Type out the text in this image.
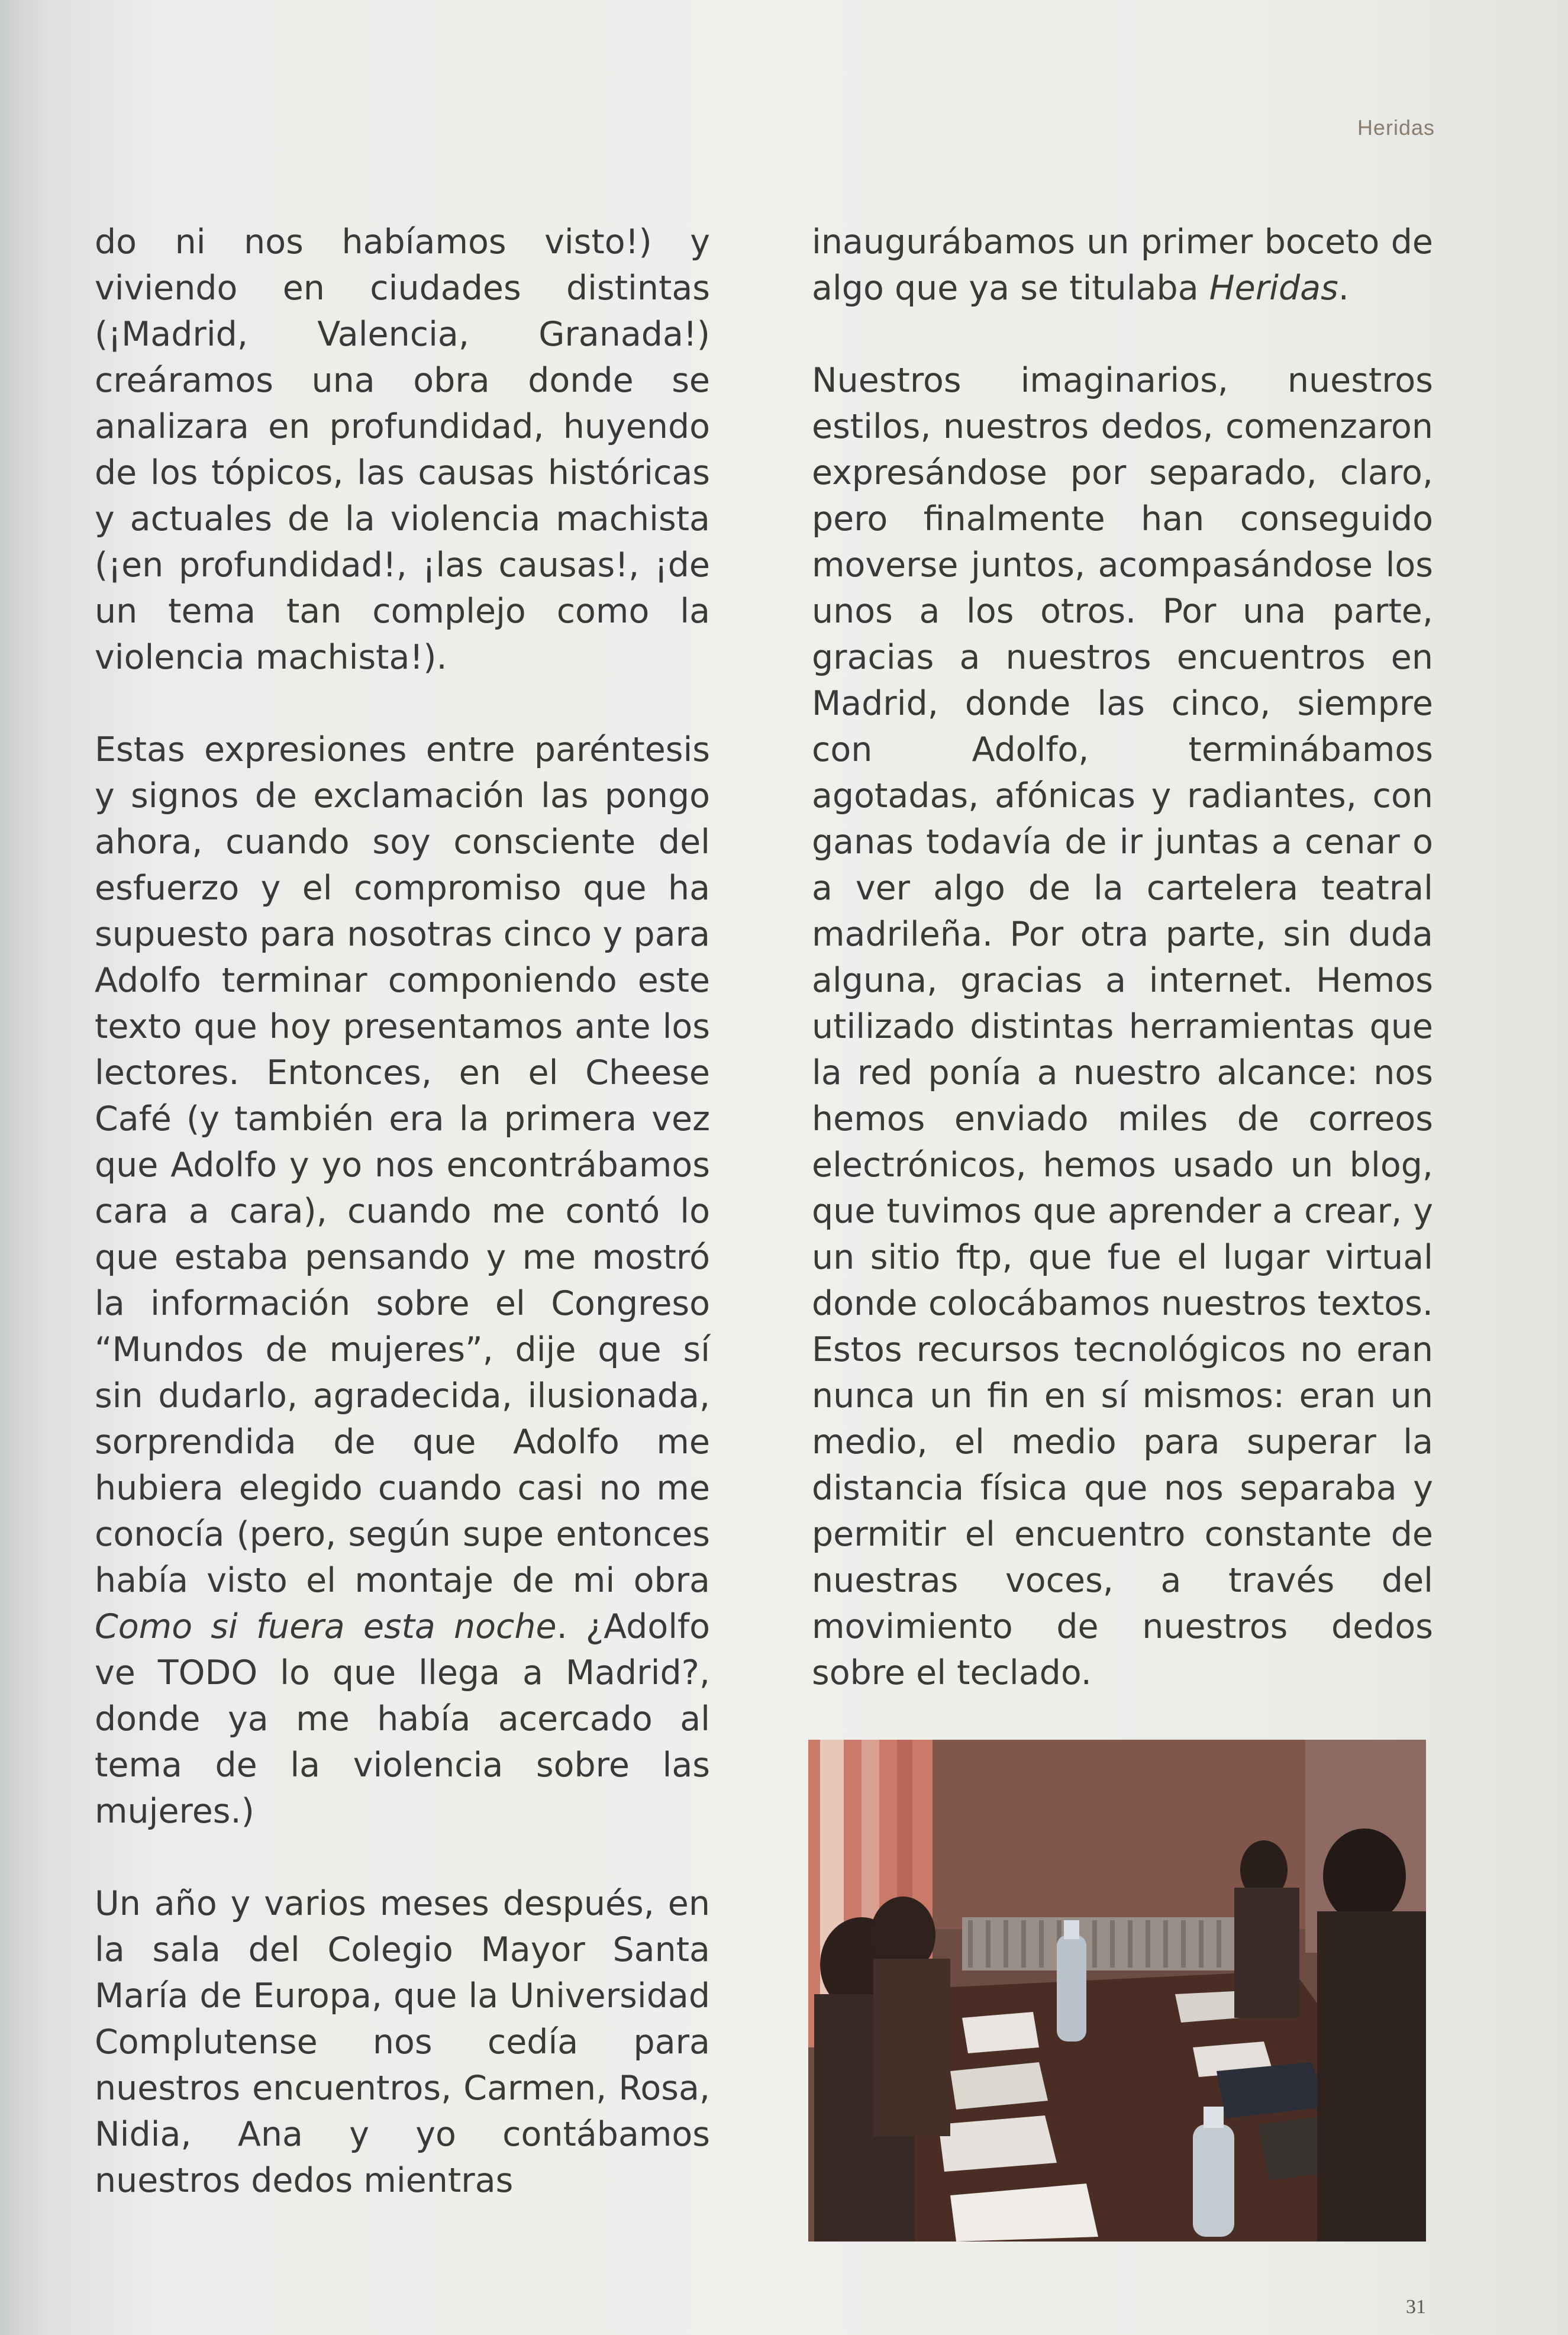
Heridas

do ni nos habíamos visto!) y viviendo en ciudades distintas (¡Madrid, Valencia, Granada!) creáramos una obra donde se analizara en profundidad, huyendo de los tópicos, las causas históricas y actuales de la violencia machista (¡en profundidad!, ¡las causas!, ¡de un tema tan complejo como la violencia machista!).

Estas expresiones entre paréntesis y signos de exclamación las pongo ahora, cuando soy consciente del esfuerzo y el compromiso que ha supuesto para nosotras cinco y para Adolfo terminar componiendo este texto que hoy presentamos ante los lectores. Entonces, en el Cheese Café (y también era la primera vez que Adolfo y yo nos encontrábamos cara a cara), cuando me contó lo que estaba pensando y me mostró la información sobre el Congreso “Mundos de mujeres”, dije que sí sin dudarlo, agradecida, ilusionada, sorprendida de que Adolfo me hubiera elegido cuando casi no me conocía (pero, según supe entonces había visto el montaje de mi obra Como si fuera esta noche. ¿Adolfo ve TODO lo que llega a Madrid?, donde ya me había acercado al tema de la violencia sobre las mujeres.)

Un año y varios meses después, en la sala del Colegio Mayor Santa María de Europa, que la Universidad Complutense nos cedía para nuestros encuentros, Carmen, Rosa, Nidia, Ana y yo contábamos nuestros dedos mientras

inaugurábamos un primer boceto de algo que ya se titulaba Heridas.

Nuestros imaginarios, nuestros estilos, nuestros dedos, comenzaron expresándose por separado, claro, pero finalmente han conseguido moverse juntos, acompasándose los unos a los otros. Por una parte, gracias a nuestros encuentros en Madrid, donde las cinco, siempre con Adolfo, terminábamos agotadas, afónicas y radiantes, con ganas todavía de ir juntas a cenar o a ver algo de la cartelera teatral madrileña. Por otra parte, sin duda alguna, gracias a internet. Hemos utilizado distintas herramientas que la red ponía a nuestro alcance: nos hemos enviado miles de correos electrónicos, hemos usado un blog, que tuvimos que aprender a crear, y un sitio ftp, que fue el lugar virtual donde colocábamos nuestros textos. Estos recursos tecnológicos no eran nunca un fin en sí mismos: eran un medio, el medio para superar la distancia física que nos separaba y permitir el encuentro constante de nuestras voces, a través del movimiento de nuestros dedos sobre el teclado.

31
